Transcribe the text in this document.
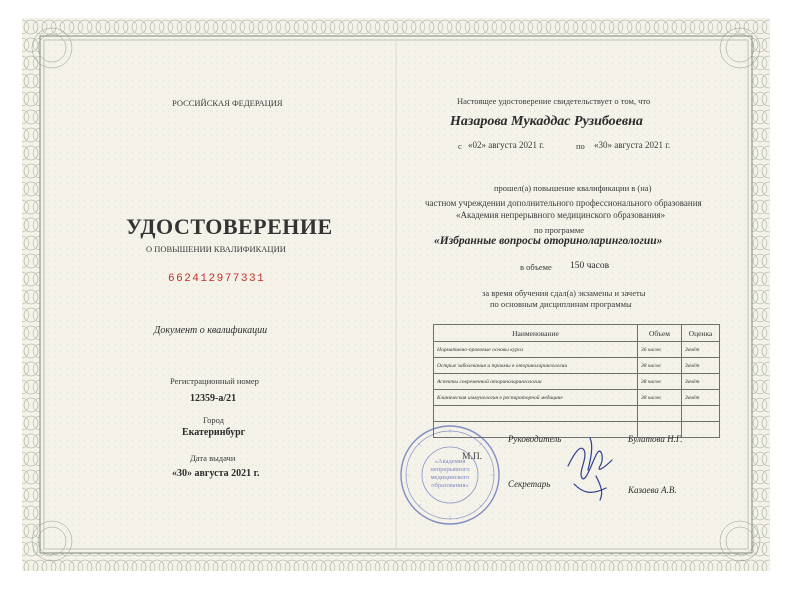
РОССИЙСКАЯ ФЕДЕРАЦИЯ
УДОСТОВЕРЕНИЕ
О ПОВЫШЕНИИ КВАЛИФИКАЦИИ
662412977331
Документ о квалификации
Регистрационный номер
12359-а/21
Город
Екатеринбург
Дата выдачи
«30» августа 2021 г.
Настоящее удостоверение свидетельствует о том, что
Назарова Мукаддас Рузибоевна
с «02» августа 2021 г.	по «30» августа 2021 г.
прошел(а) повышение квалификации в (на)
частном учреждении дополнительного профессионального образования
«Академия непрерывного медицинского образования»
по программе
«Избранные вопросы оториноларингологии»
в объеме 150 часов
за время обучения сдал(а) экзамены и зачеты
по основным дисциплинам программы
Наименование	Объем	Оценка
Нормативно-правовые основы курса	36 часов	Зачёт
Острые заболевания и травмы в оториноларингологии	38 часов	Зачёт
Аспекты современной оториноларингологии	38 часов	Зачёт
Клиническая иммунология в респираторной медицине	38 часов	Зачёт

«Академия непрерывного медицинского образования»
М.П.
Руководитель	Булатова Н.Г.
Секретарь
Казаева А.В.
